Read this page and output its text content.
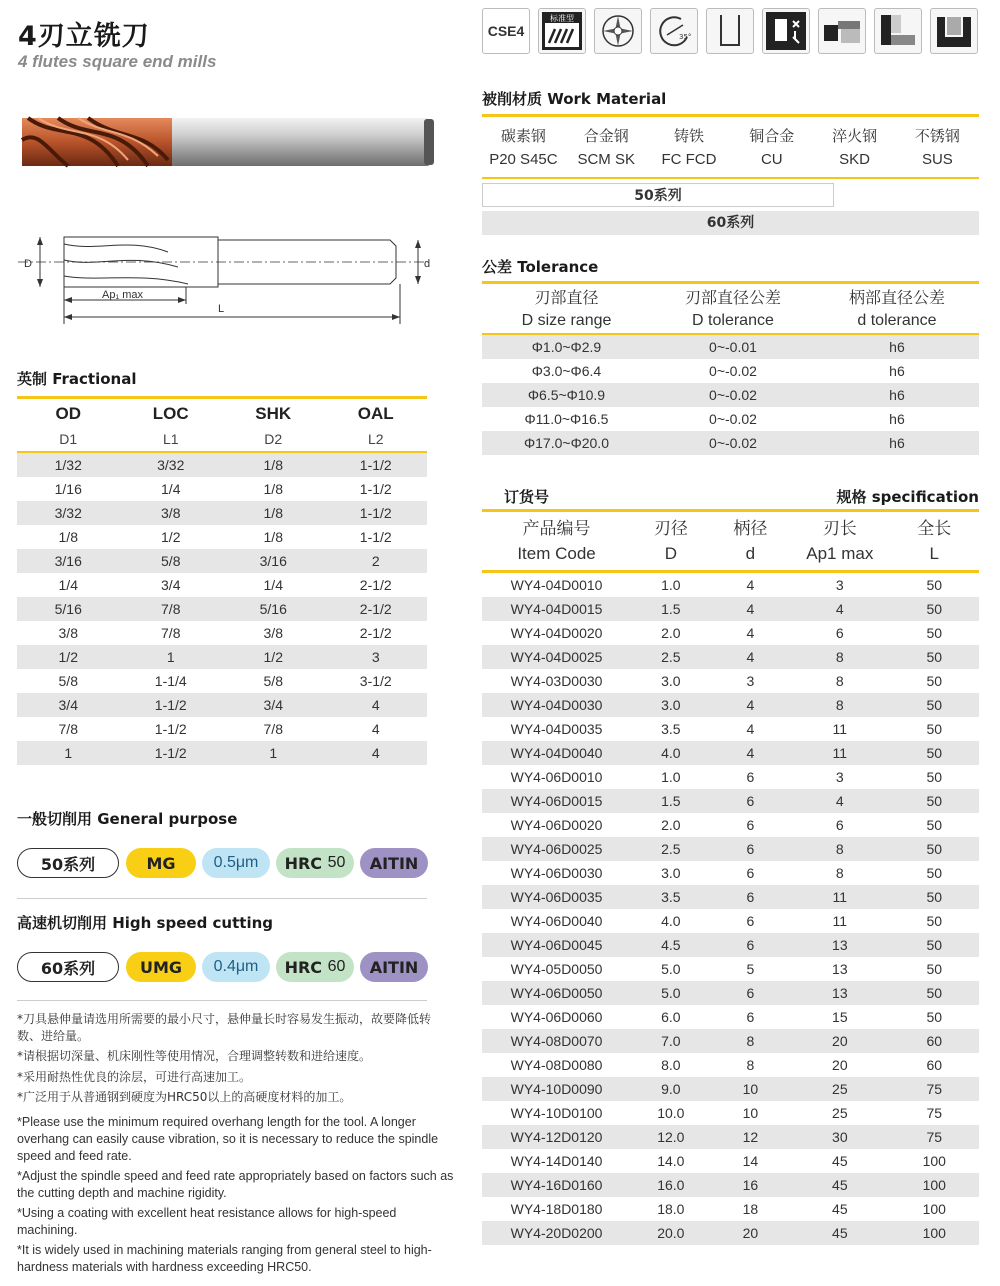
4刃立铣刀
4 flutes square end mills
CSE4
标准型
35°
D	d
Ap₁ max
L
英制 Fractional
OD	LOC	SHK	OAL
D1	L1	D2	L2
1/32	3/32	1/8	1-1/2
1/16	1/4	1/8	1-1/2
3/32	3/8	1/8	1-1/2
1/8	1/2	1/8	1-1/2
3/16	5/8	3/16	2
1/4	3/4	1/4	2-1/2
5/16	7/8	5/16	2-1/2
3/8	7/8	3/8	2-1/2
1/2	1	1/2	3
5/8	1-1/4	5/8	3-1/2
3/4	1-1/2	3/4	4
7/8	1-1/2	7/8	4
1	1-1/2	1	4
一般切削用 General purpose
50系列	MG	0.5μm	HRC
50	AITIN
高速机切削用 High speed cutting
60系列	UMG	0.4μm	HRC
60	AITIN

*刀具悬伸量请选用所需要的最小尺寸，悬伸量长时容易发生振动，故要降低转数、进给量。

*请根据切深量、机床刚性等使用情况，合理调整转数和进给速度。

*采用耐热性优良的涂层，可进行高速加工。

*广泛用于从普通钢到硬度为HRC50以上的高硬度材料的加工。

*Please use the minimum required overhang length for the tool. A longer overhang can easily cause vibration, so it is necessary to reduce the spindle speed and feed rate.

*Adjust the spindle speed and feed rate appropriately based on factors such as the cutting depth and machine rigidity.

*Using a coating with excellent heat resistance allows for high-speed machining.

*It is widely used in machining materials ranging from general steel to high-hardness materials with hardness exceeding HRC50.

被削材质 Work Material
碳素钢
P20 S45C
合金钢
SCM SK
铸铁
FC FCD
铜合金
CU
淬火钢
SKD
不锈钢
SUS
50系列
60系列
公差 Tolerance
刃部直径	刃部直径公差	柄部直径公差
D size range	D tolerance	d tolerance
Φ1.0~Φ2.9	0~-0.01	h6
Φ3.0~Φ6.4	0~-0.02	h6
Φ6.5~Φ10.9	0~-0.02	h6
Φ11.0~Φ16.5	0~-0.02	h6
Φ17.0~Φ20.0	0~-0.02	h6
订货号	规格 specification
产品编号	刃径	柄径	刃长	全长
Item Code	D	d	Ap1 max	L
WY4-04D0010	1.0	4	3	50
WY4-04D0015	1.5	4	4	50
WY4-04D0020	2.0	4	6	50
WY4-04D0025	2.5	4	8	50
WY4-03D0030	3.0	3	8	50
WY4-04D0030	3.0	4	8	50
WY4-04D0035	3.5	4	11	50
WY4-04D0040	4.0	4	11	50
WY4-06D0010	1.0	6	3	50
WY4-06D0015	1.5	6	4	50
WY4-06D0020	2.0	6	6	50
WY4-06D0025	2.5	6	8	50
WY4-06D0030	3.0	6	8	50
WY4-06D0035	3.5	6	11	50
WY4-06D0040	4.0	6	11	50
WY4-06D0045	4.5	6	13	50
WY4-05D0050	5.0	5	13	50
WY4-06D0050	5.0	6	13	50
WY4-06D0060	6.0	6	15	50
WY4-08D0070	7.0	8	20	60
WY4-08D0080	8.0	8	20	60
WY4-10D0090	9.0	10	25	75
WY4-10D0100	10.0	10	25	75
WY4-12D0120	12.0	12	30	75
WY4-14D0140	14.0	14	45	100
WY4-16D0160	16.0	16	45	100
WY4-18D0180	18.0	18	45	100
WY4-20D0200	20.0	20	45	100
